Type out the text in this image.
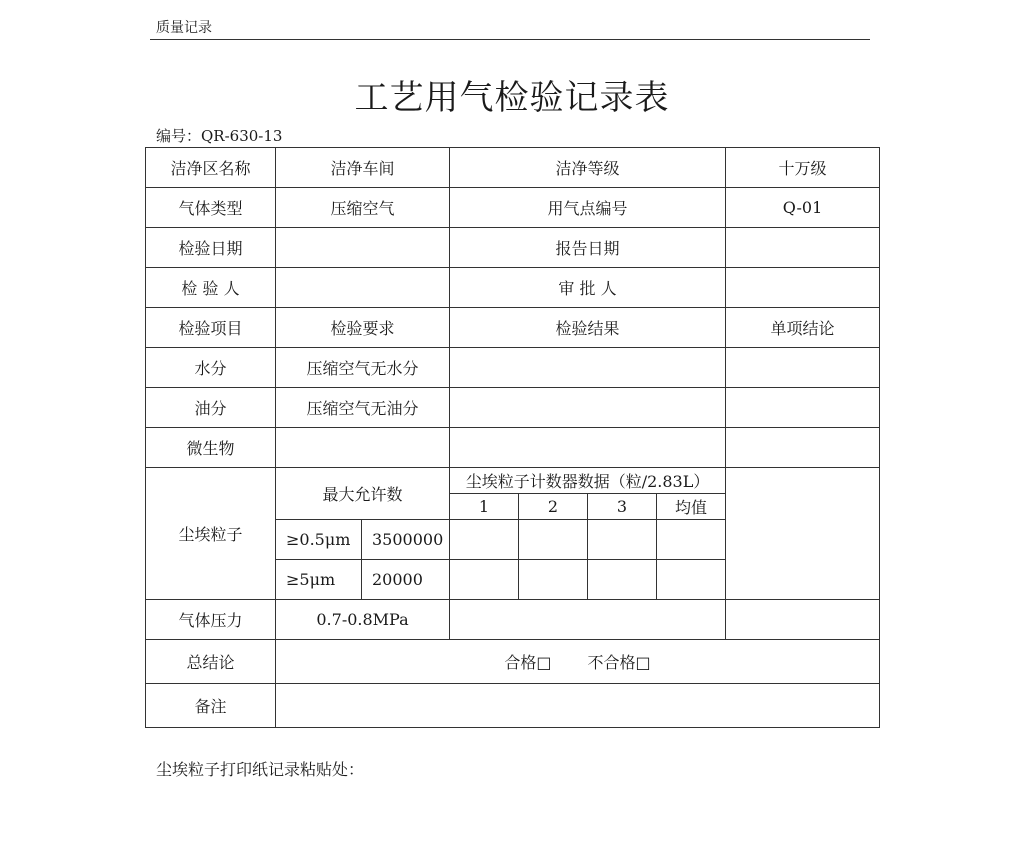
质量记录
工艺用气检验记录表
编号：QR-630-13
洁净区名称	洁净车间		洁净等级				十万级
气体类型	压缩空气		用气点编号				Q-01
检验日期			报告日期				
检 验 人			审 批 人				
检验项目	检验要求		检验结果				单项结论
水分	压缩空气无水分						
油分	压缩空气无油分						
微生物							
尘埃粒子	最大允许数		尘埃粒子计数器数据（粒/2.83L）				
			1	2	3	均值	
	≥0.5μm	3500000					
	≥5μm	20000					
气体压力	0.7-0.8MPa						
总结论	合格□ 不合格□						
备注							
尘埃粒子打印纸记录粘贴处：
